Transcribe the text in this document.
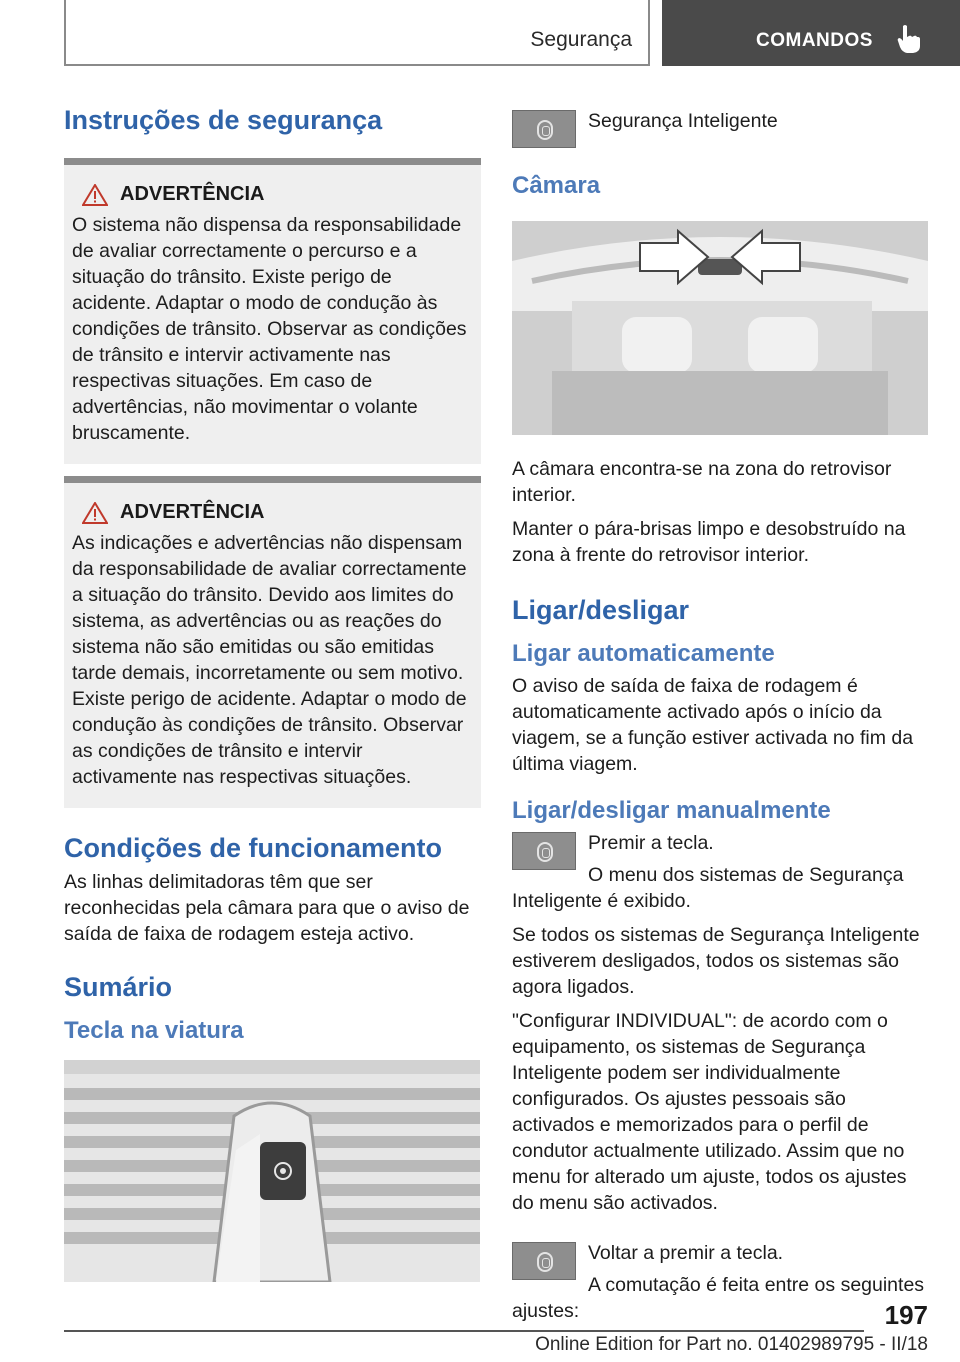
Segurança	COMANDOS
Instruções de segurança
ADVERTÊNCIA

O sistema não dispensa da responsabilidade de avaliar correctamente o percurso e a situação do trânsito. Existe perigo de acidente. Adaptar o modo de condução às condições de trânsito. Observar as condições de trânsito e intervir activamente nas respectivas situações. Em caso de advertências, não movimentar o volante bruscamente.

ADVERTÊNCIA

As indicações e advertências não dispensam da responsabilidade de avaliar correctamente a situação do trânsito. Devido aos limites do sistema, as advertências ou as reações do sistema não são emitidas ou são emitidas tarde demais, incorretamente ou sem motivo. Existe perigo de acidente. Adaptar o modo de condução às condições de trânsito. Observar as condições de trânsito e intervir activamente nas respectivas situações.

Condições de funcionamento

As linhas delimitadoras têm que ser reconhecidas pela câmara para que o aviso de saída de faixa de rodagem esteja activo.

Sumário
Tecla na viatura

Segurança Inteligente

Câmara

A câmara encontra-se na zona do retrovisor interior.

Manter o pára-brisas limpo e desobstruído na zona à frente do retrovisor interior.

Ligar/desligar
Ligar automaticamente

O aviso de saída de faixa de rodagem é automaticamente activado após o início da viagem, se a função estiver activada no fim da última viagem.

Ligar/desligar manualmente

Premir a tecla.

O menu dos sistemas de Segurança Inteligente é exibido.

Se todos os sistemas de Segurança Inteligente estiverem desligados, todos os sistemas são agora ligados.

"Configurar INDIVIDUAL": de acordo com o equipamento, os sistemas de Segurança Inteligente podem ser individualmente configurados. Os ajustes pessoais são activados e memorizados para o perfil de condutor actualmente utilizado. Assim que no menu for alterado um ajuste, todos os ajustes do menu são activados.

Voltar a premir a tecla.

A comutação é feita entre os seguintes ajustes:	197
Online Edition for Part no. 01402989795 - II/18
